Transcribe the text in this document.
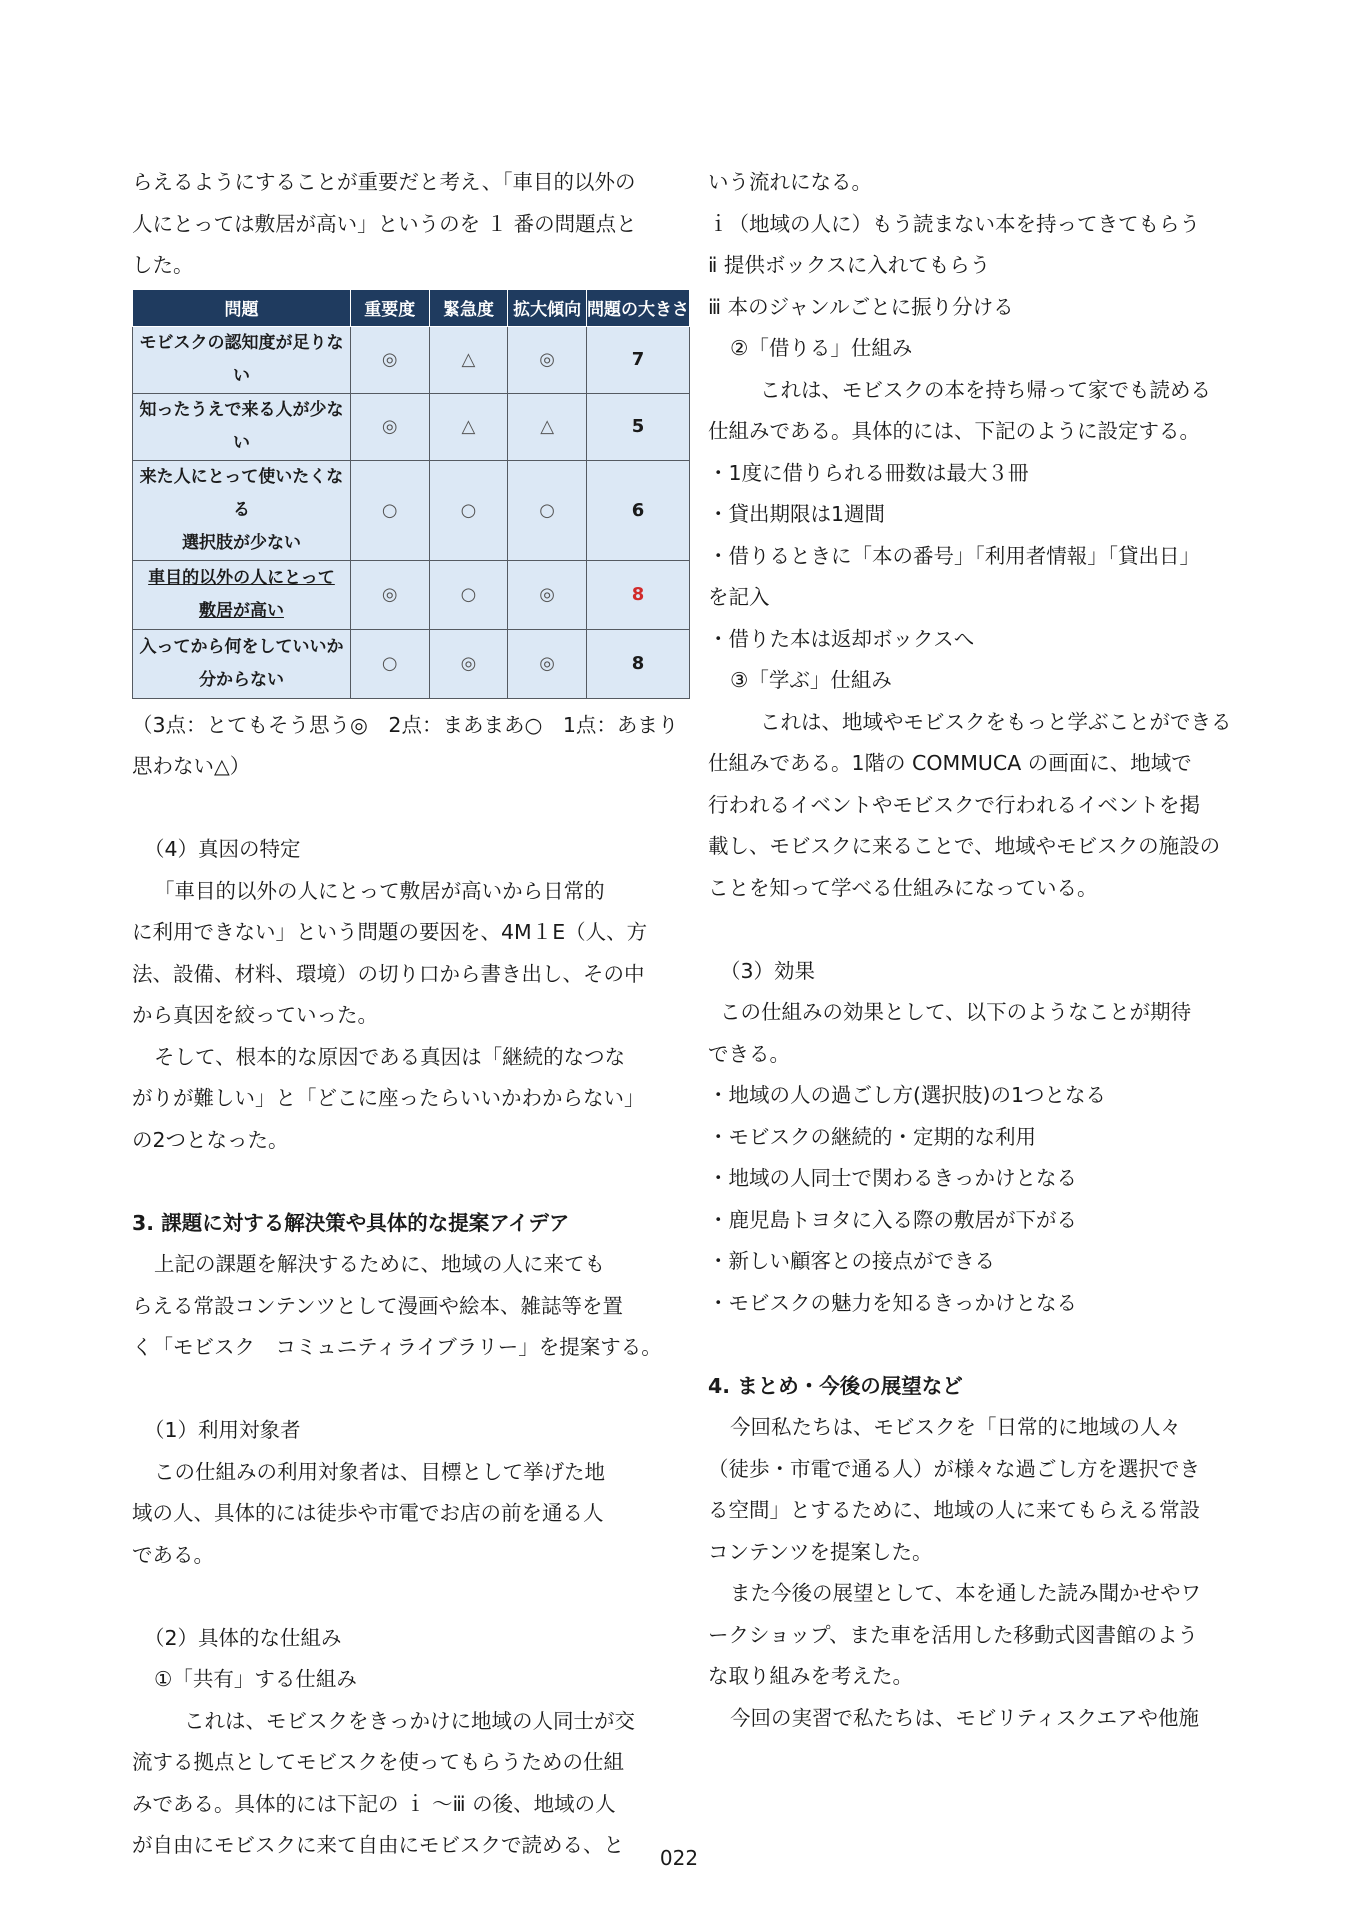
らえるようにすることが重要だと考え、「車目的以外の
人にとっては敷居が高い」というのを １ 番の問題点と
した。
問題	重要度	緊急度	拡大傾向	問題の大きさ
モビスクの認知度が足りない	◎	△	◎	7
知ったうえで来る人が少ない	◎	△	△	5

来た人にとって使いたくなる
選択肢が少ない	○	○	○	6

車目的以外の人にとって
敷居が高い	◎	○	◎	8

入ってから何をしていいか
分からない	○	◎	◎	8
（3点：とてもそう思う◎　2点：まあまあ○　1点：あまり
思わない△）
（4）真因の特定
「車目的以外の人にとって敷居が高いから日常的
に利用できない」という問題の要因を、4M１E（人、方
法、設備、材料、環境）の切り口から書き出し、その中
から真因を絞っていった。
そして、根本的な原因である真因は「継続的なつな
がりが難しい」と「どこに座ったらいいかわからない」
の2つとなった。
3. 課題に対する解決策や具体的な提案アイデア
上記の課題を解決するために、地域の人に来ても
らえる常設コンテンツとして漫画や絵本、雑誌等を置
く「モビスク　コミュニティライブラリー」を提案する。
（1）利用対象者
この仕組みの利用対象者は、目標として挙げた地
域の人、具体的には徒歩や市電でお店の前を通る人
である。
（2）具体的な仕組み
①「共有」する仕組み
これは、モビスクをきっかけに地域の人同士が交
流する拠点としてモビスクを使ってもらうための仕組
みである。具体的には下記の ｉ ～ⅲ の後、地域の人
が自由にモビスクに来て自由にモビスクで読める、と
いう流れになる。
ｉ（地域の人に）もう読まない本を持ってきてもらう
ⅱ 提供ボックスに入れてもらう
ⅲ 本のジャンルごとに振り分ける
②「借りる」仕組み
これは、モビスクの本を持ち帰って家でも読める
仕組みである。具体的には、下記のように設定する。
・1度に借りられる冊数は最大３冊
・貸出期限は1週間
・借りるときに「本の番号」「利用者情報」「貸出日」
を記入
・借りた本は返却ボックスへ
③「学ぶ」仕組み
これは、地域やモビスクをもっと学ぶことができる
仕組みである。1階の COMMUCA の画面に、地域で
行われるイベントやモビスクで行われるイベントを掲
載し、モビスクに来ることで、地域やモビスクの施設の
ことを知って学べる仕組みになっている。
（3）効果
この仕組みの効果として、以下のようなことが期待
できる。
・地域の人の過ごし方(選択肢)の1つとなる
・モビスクの継続的・定期的な利用
・地域の人同士で関わるきっかけとなる
・鹿児島トヨタに入る際の敷居が下がる
・新しい顧客との接点ができる
・モビスクの魅力を知るきっかけとなる
4. まとめ・今後の展望など
今回私たちは、モビスクを「日常的に地域の人々
（徒歩・市電で通る人）が様々な過ごし方を選択でき
る空間」とするために、地域の人に来てもらえる常設
コンテンツを提案した。
また今後の展望として、本を通した読み聞かせやワ
ークショップ、また車を活用した移動式図書館のよう
な取り組みを考えた。
今回の実習で私たちは、モビリティスクエアや他施
022
